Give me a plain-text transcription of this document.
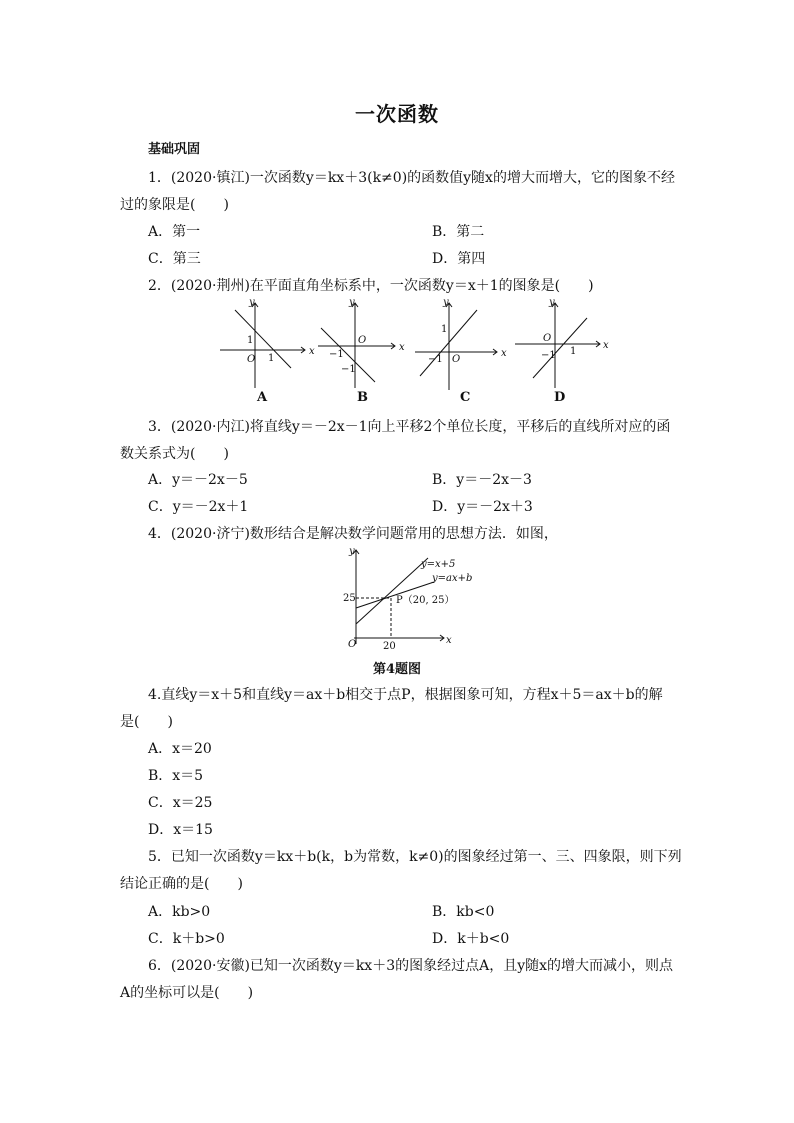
一次函数
基础巩固
1．(2020·镇江)一次函数y＝kx＋3(k≠0)的函数值y随x的增大而增大，它的图象不经
过的象限是(　　)
A．第一	B．第二
C．第三	D．第四
2．(2020·荆州)在平面直角坐标系中，一次函数y＝x＋1的图象是(　　)
x
y
x
y
x
y
x
y
O
O
O
O
1
1	−1
−1
1
−1	−1 1
A	B	C	D
3．(2020·内江)将直线y＝－2x－1向上平移2个单位长度，平移后的直线所对应的函
数关系式为(　　)
A．y＝－2x－5	B．y＝－2x－3
C．y＝－2x＋1	D．y＝－2x＋3
4．(2020·济宁)数形结合是解决数学问题常用的思想方法．如图，
y=x+5
y=ax+b
P（20, 25）
25
20
O	x
y
第4题图
4.直线y＝x＋5和直线y＝ax＋b相交于点P，根据图象可知，方程x＋5＝ax＋b的解
是(　　)
A．x＝20
B．x＝5
C．x＝25
D．x＝15
5．已知一次函数y＝kx＋b(k，b为常数，k≠0)的图象经过第一、三、四象限，则下列
结论正确的是(　　)
A．kb>0	B．kb<0
C．k＋b>0	D．k＋b<0
6．(2020·安徽)已知一次函数y＝kx＋3的图象经过点A，且y随x的增大而减小，则点
A的坐标可以是(　　)
